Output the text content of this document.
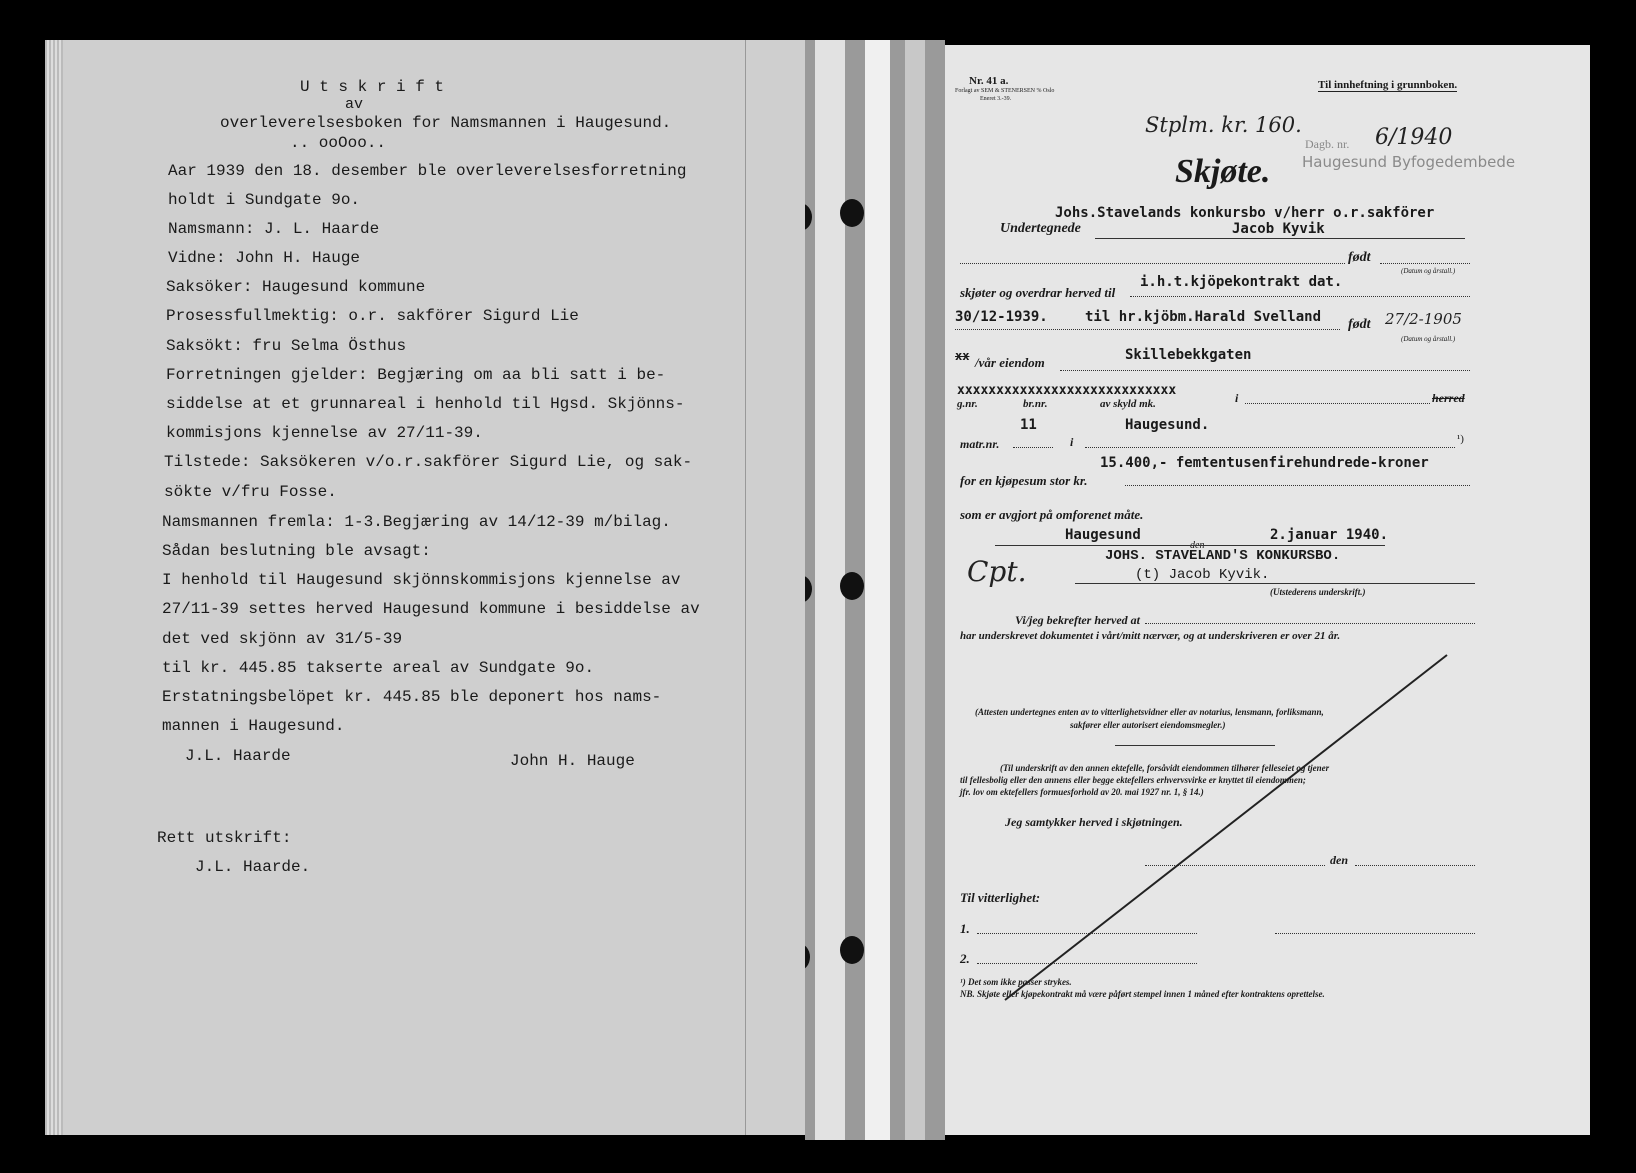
U t s k r i f t
av
overleverelsesboken for Namsmannen i Haugesund.
.. ooOoo..
Aar 1939 den 18. desember ble overleverelsesforretning
holdt i Sundgate 9o.
Namsmann: J. L. Haarde
Vidne: John H. Hauge
Saksöker: Haugesund kommune
Prosessfullmektig: o.r. sakförer Sigurd Lie
Saksökt: fru Selma Östhus
Forretningen gjelder: Begjæring om aa bli satt i be-
siddelse at et grunnareal i henhold til Hgsd. Skjönns-
kommisjons kjennelse av 27/11-39.
Tilstede: Saksökeren v/o.r.sakförer Sigurd Lie, og sak-
sökte v/fru Fosse.
Namsmannen fremla: 1-3.Begjæring av 14/12-39 m/bilag.
Sådan beslutning ble avsagt:
I henhold til Haugesund skjönnskommisjons kjennelse av
27/11-39 settes herved Haugesund kommune i besiddelse av
det ved skjönn av 31/5-39
til kr. 445.85 takserte areal av Sundgate 9o.
Erstatningsbelöpet kr. 445.85 ble deponert hos nams-
mannen i Haugesund.
J.L. Haarde	John H. Hauge
Rett utskrift:
J.L. Haarde.
Nr. 41 a.
Forlagt av SEM & STENERSEN % Oslo
Eneret 3.-39.
Til innheftning i grunnboken.
Stplm. kr. 160.
Dagb. nr. 6/1940
Haugesund Byfogedembede
Skjøte.
Johs.Stavelands konkursbo v/herr o.r.sakförer
Undertegnede	Jacob Kyvik
født
(Datum og årstall.)
skjøter og overdrar herved til
i.h.t.kjöpekontrakt dat.
30/12-1939.	til hr.kjöbm.Harald Svelland født 27/2-1905
(Datum og årstall.)
xx /vår eiendom	Skillebekkgaten
xxxxxxxxxxxxxxxxxxxxxxxxxxxx
g.nr.	br.nr.	av skyld mk.	i	herred
11	Haugesund.
matr.nr.	i	¹)
15.400,- femtentusenfirehundrede-kroner
for en kjøpesum stor kr.
som er avgjort på omforenet måte.
Haugesund
den
2.januar 1940.
JOHS. STAVELAND'S KONKURSBO.
(t) Jacob Kyvik.
(Utstederens underskrift.)
Cpt.
Vi/jeg bekrefter herved at
har underskrevet dokumentet i vårt/mitt nærvær, og at underskriveren er over 21 år.
(Attesten undertegnes enten av to vitterlighetsvidner eller av notarius, lensmann, forliksmann,
sakfører eller autorisert eiendomsmegler.)
(Til underskrift av den annen ektefelle, forsåvidt eiendommen tilhører felleseiet og tjener
til fellesbolig eller den annens eller begge ektefellers erhvervsvirke er knyttet til eiendommen;
jfr. lov om ektefellers formuesforhold av 20. mai 1927 nr. 1, § 14.)
Jeg samtykker herved i skjøtningen.
den
Til vitterlighet:
1.
2.
¹) Det som ikke passer strykes.
NB. Skjøte eller kjøpekontrakt må være påført stempel innen 1 måned efter kontraktens oprettelse.
